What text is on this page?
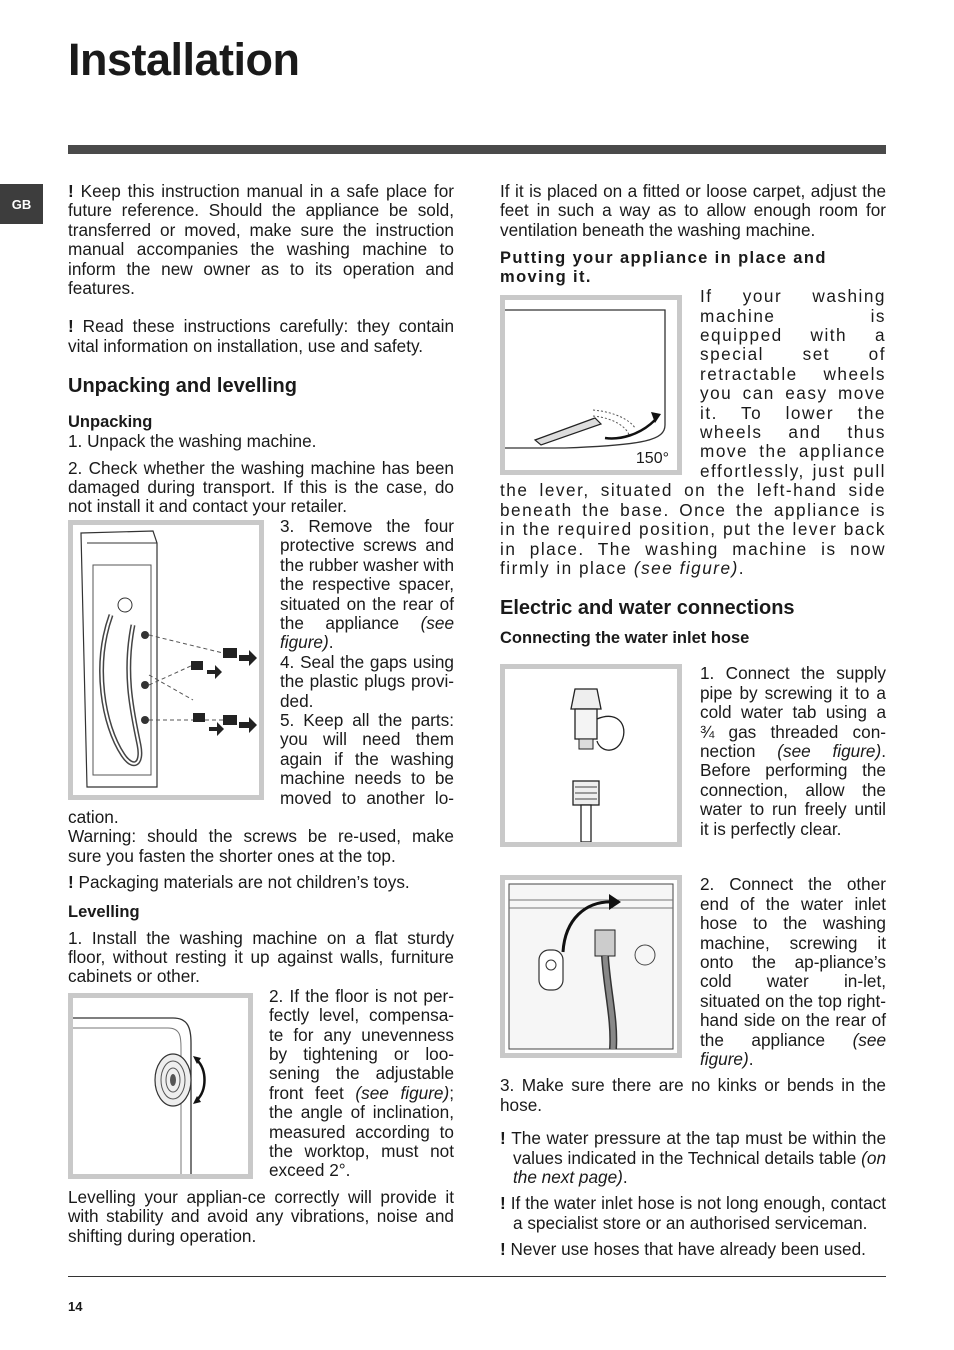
Installation
GB

! Keep this instruction manual in a safe place for future reference. Should the appliance be sold, transferred or moved, make sure the instruction manual accompanies the washing machine to inform the new owner as to its operation and features.

! Read these instructions carefully: they contain vital information on installation, use and safety.

Unpacking and levelling
Unpacking

1. Unpack the washing machine.

2. Check whether the washing machine has been damaged during transport. If this is the case, do not install it and contact your retailer.

3. Remove the four protective screws and the rubber washer with the respective spacer, situated on the rear of the appliance (see figure).

4. Seal the gaps using the plastic plugs provi-ded.

5. Keep all the parts: you will need them again if the washing machine needs to be moved to another lo-cation.

Warning: should the screws be re-used, make sure you fasten the shorter ones at the top.

! Packaging materials are not children’s toys.

Levelling

1. Install the washing machine on a flat sturdy floor, without resting it up against walls, furniture cabinets or other.

2. If the floor is not per-fectly level, compensa-te for any unevenness by tightening or loo-sening the adjustable front feet (see figure); the angle of inclination, measured according to the worktop, must not exceed 2°.

Levelling your applian-ce correctly will provide it with stability and avoid any vibrations, noise and shifting during operation.

If it is placed on a fitted or loose carpet, adjust the feet in such a way as to allow enough room for ventilation beneath the washing machine.

Putting your appliance in place and moving it.
150°

If your washing machine is equipped with a special set of retractable wheels you can easy move it. To lower the wheels and thus move the appliance effortlessly, just pull the lever, situated on the left-hand side beneath the base. Once the appliance is in the required position, put the lever back in place. The washing machine is now firmly in place (see figure).

Electric and water connections
Connecting the water inlet hose

1. Connect the supply pipe by screwing it to a cold water tab using a ¾ gas threaded con-nection (see figure). Before performing the connection, allow the water to run freely until it is perfectly clear.

2. Connect the other end of the water inlet hose to the washing machine, screwing it onto the ap-pliance’s cold water in-let, situated on the top right-hand side on the rear of the appliance (see figure).

3. Make sure there are no kinks or bends in the hose.

! The water pressure at the tap must be within the values indicated in the Technical details table (on the next page).

! If the water inlet hose is not long enough, contact a specialist store or an authorised serviceman.

! Never use hoses that have already been used.

14
